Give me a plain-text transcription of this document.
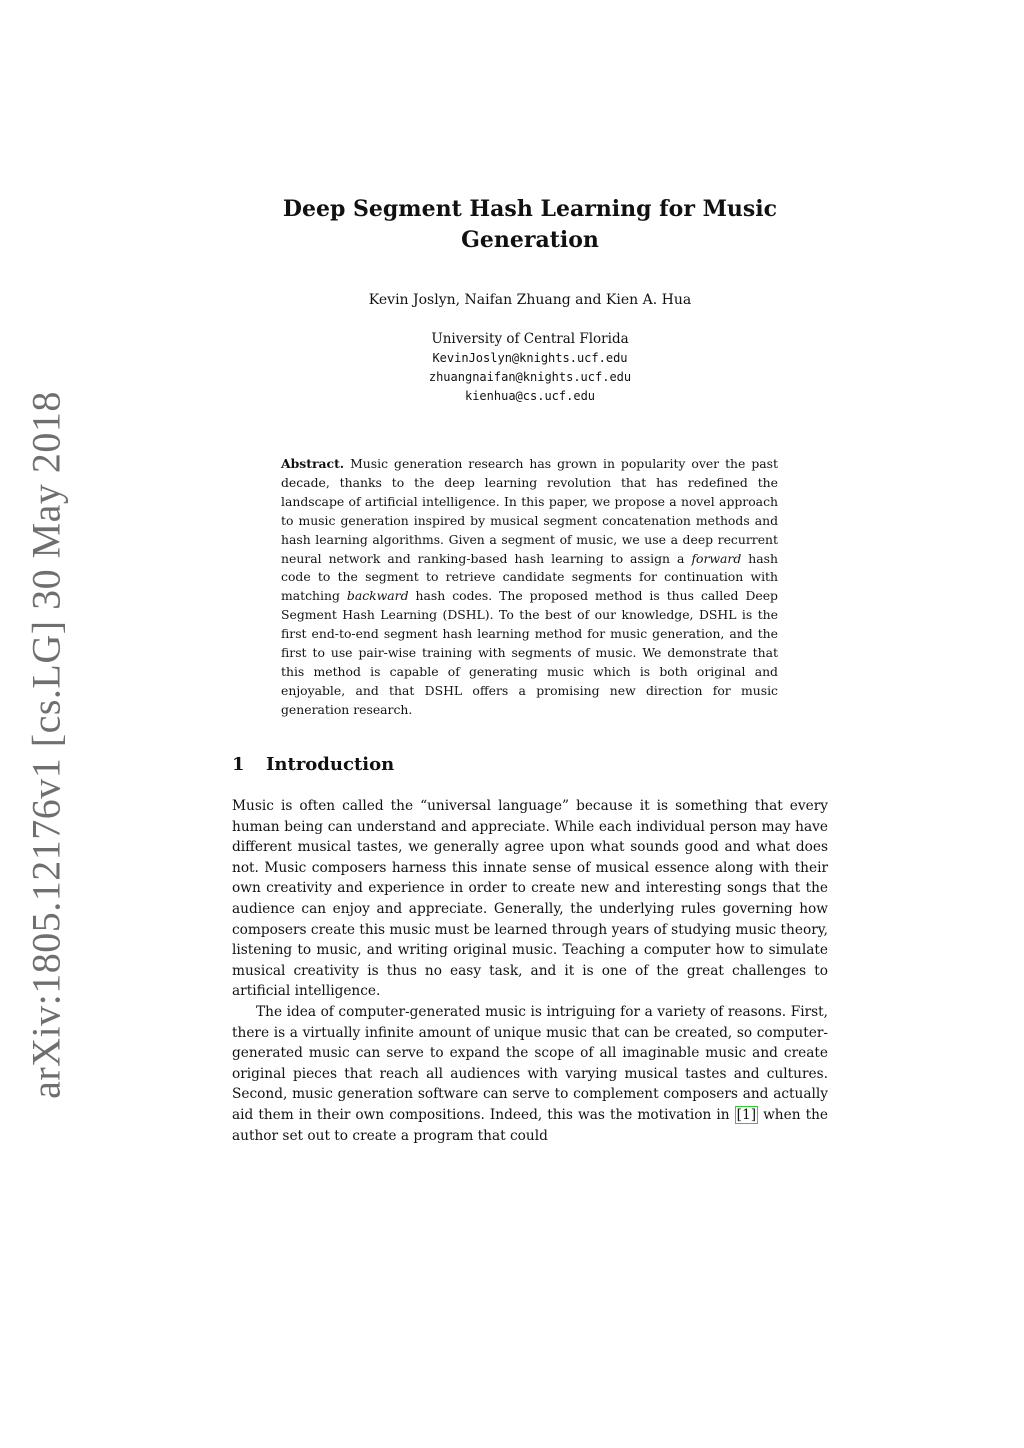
arXiv:1805.12176v1 [cs.LG] 30 May 2018
Deep Segment Hash Learning for Music Generation
Kevin Joslyn, Naifan Zhuang and Kien A. Hua
University of Central Florida
KevinJoslyn@knights.ucf.edu
zhuangnaifan@knights.ucf.edu
kienhua@cs.ucf.edu
Abstract. Music generation research has grown in popularity over the past decade, thanks to the deep learning revolution that has redefined the landscape of artificial intelligence. In this paper, we propose a novel approach to music generation inspired by musical segment concatenation methods and hash learning algorithms. Given a segment of music, we use a deep recurrent neural network and ranking-based hash learning to assign a forward hash code to the segment to retrieve candidate segments for continuation with matching backward hash codes. The proposed method is thus called Deep Segment Hash Learning (DSHL). To the best of our knowledge, DSHL is the first end-to-end segment hash learning method for music generation, and the first to use pair-wise training with segments of music. We demonstrate that this method is capable of generating music which is both original and enjoyable, and that DSHL offers a promising new direction for music generation research.
1 Introduction

Music is often called the “universal language” because it is something that every human being can understand and appreciate. While each individual person may have different musical tastes, we generally agree upon what sounds good and what does not. Music composers harness this innate sense of musical essence along with their own creativity and experience in order to create new and interesting songs that the audience can enjoy and appreciate. Generally, the underlying rules governing how composers create this music must be learned through years of studying music theory, listening to music, and writing original music. Teaching a computer how to simulate musical creativity is thus no easy task, and it is one of the great challenges to artificial intelligence.

The idea of computer-generated music is intriguing for a variety of reasons. First, there is a virtually infinite amount of unique music that can be created, so computer-generated music can serve to expand the scope of all imaginable music and create original pieces that reach all audiences with varying musical tastes and cultures. Second, music generation software can serve to complement composers and actually aid them in their own compositions. Indeed, this was the motivation in [1] when the author set out to create a program that could
